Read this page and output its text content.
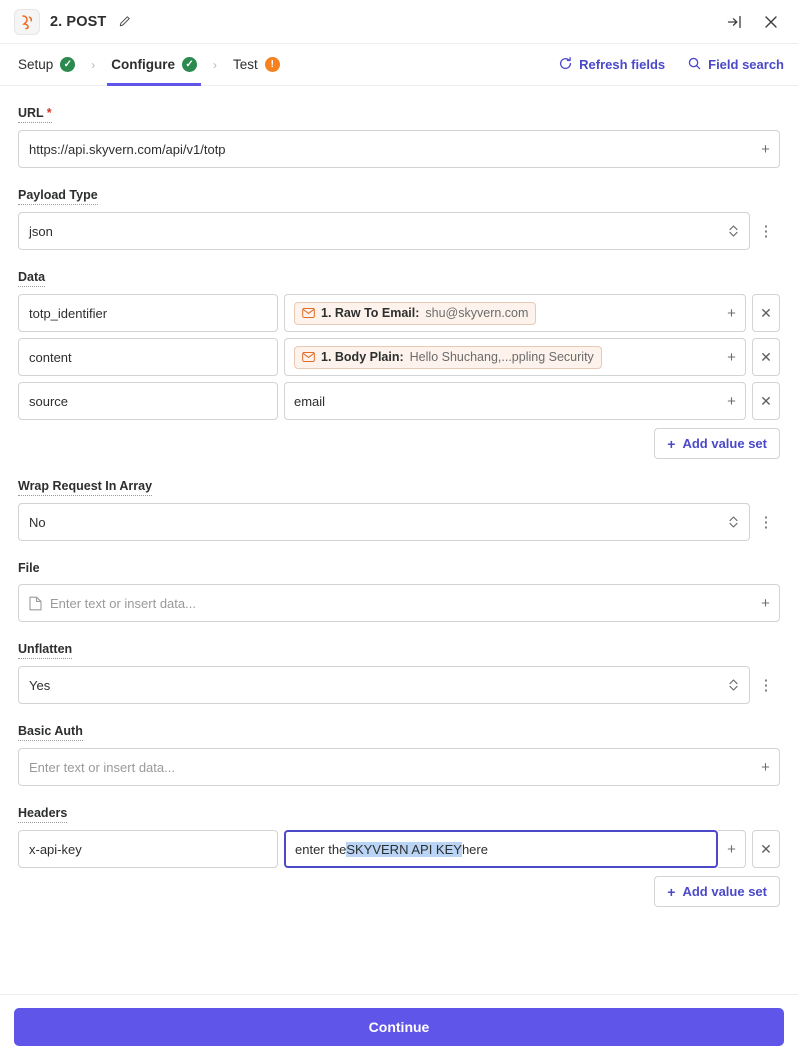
2. POST
Setup	✓ › Configure	✓ › Test	!	Refresh fields	Field search
URL *
https://api.skyvern.com/api/v1/totp	+
Payload Type
json	⋮
Data
totp_identifier	1. Raw To Email: shu@skyvern.com	+	✕
content	1. Body Plain: Hello Shuchang,...ppling Security	+	✕
source	email	+	✕
+ Add value set
Wrap Request In Array
No	⋮
File
Enter text or insert data...	+
Unflatten
Yes	⋮
Basic Auth
Enter text or insert data...	+
Headers
x-api-key	enter the SKYVERN API KEY here	+	✕
+ Add value set
Continue
